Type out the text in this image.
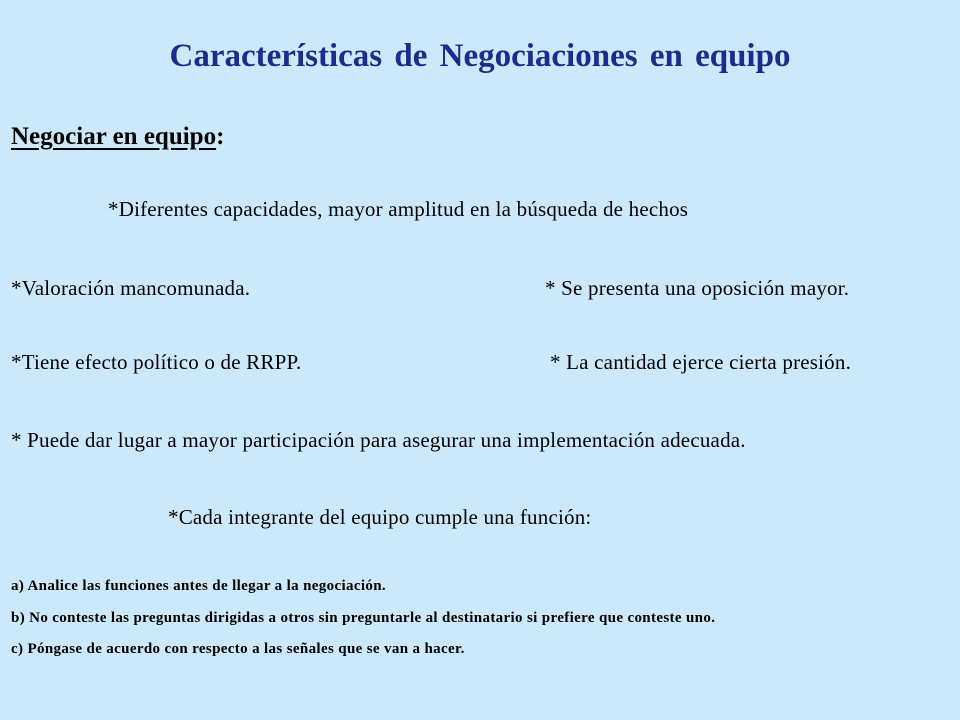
Características de Negociaciones en equipo
Negociar en equipo:
*Diferentes capacidades, mayor amplitud en la búsqueda de hechos
*Valoración mancomunada.	* Se presenta una oposición mayor.
*Tiene efecto político o de RRPP.	* La cantidad ejerce cierta presión.
* Puede dar lugar a mayor participación para asegurar una implementación adecuada.
*Cada integrante del equipo cumple una función:
a) Analice las funciones antes de llegar a la negociación.
b) No conteste las preguntas dirigidas a otros sin preguntarle al destinatario si prefiere que conteste uno.
c) Póngase de acuerdo con respecto a las señales que se van a hacer.
